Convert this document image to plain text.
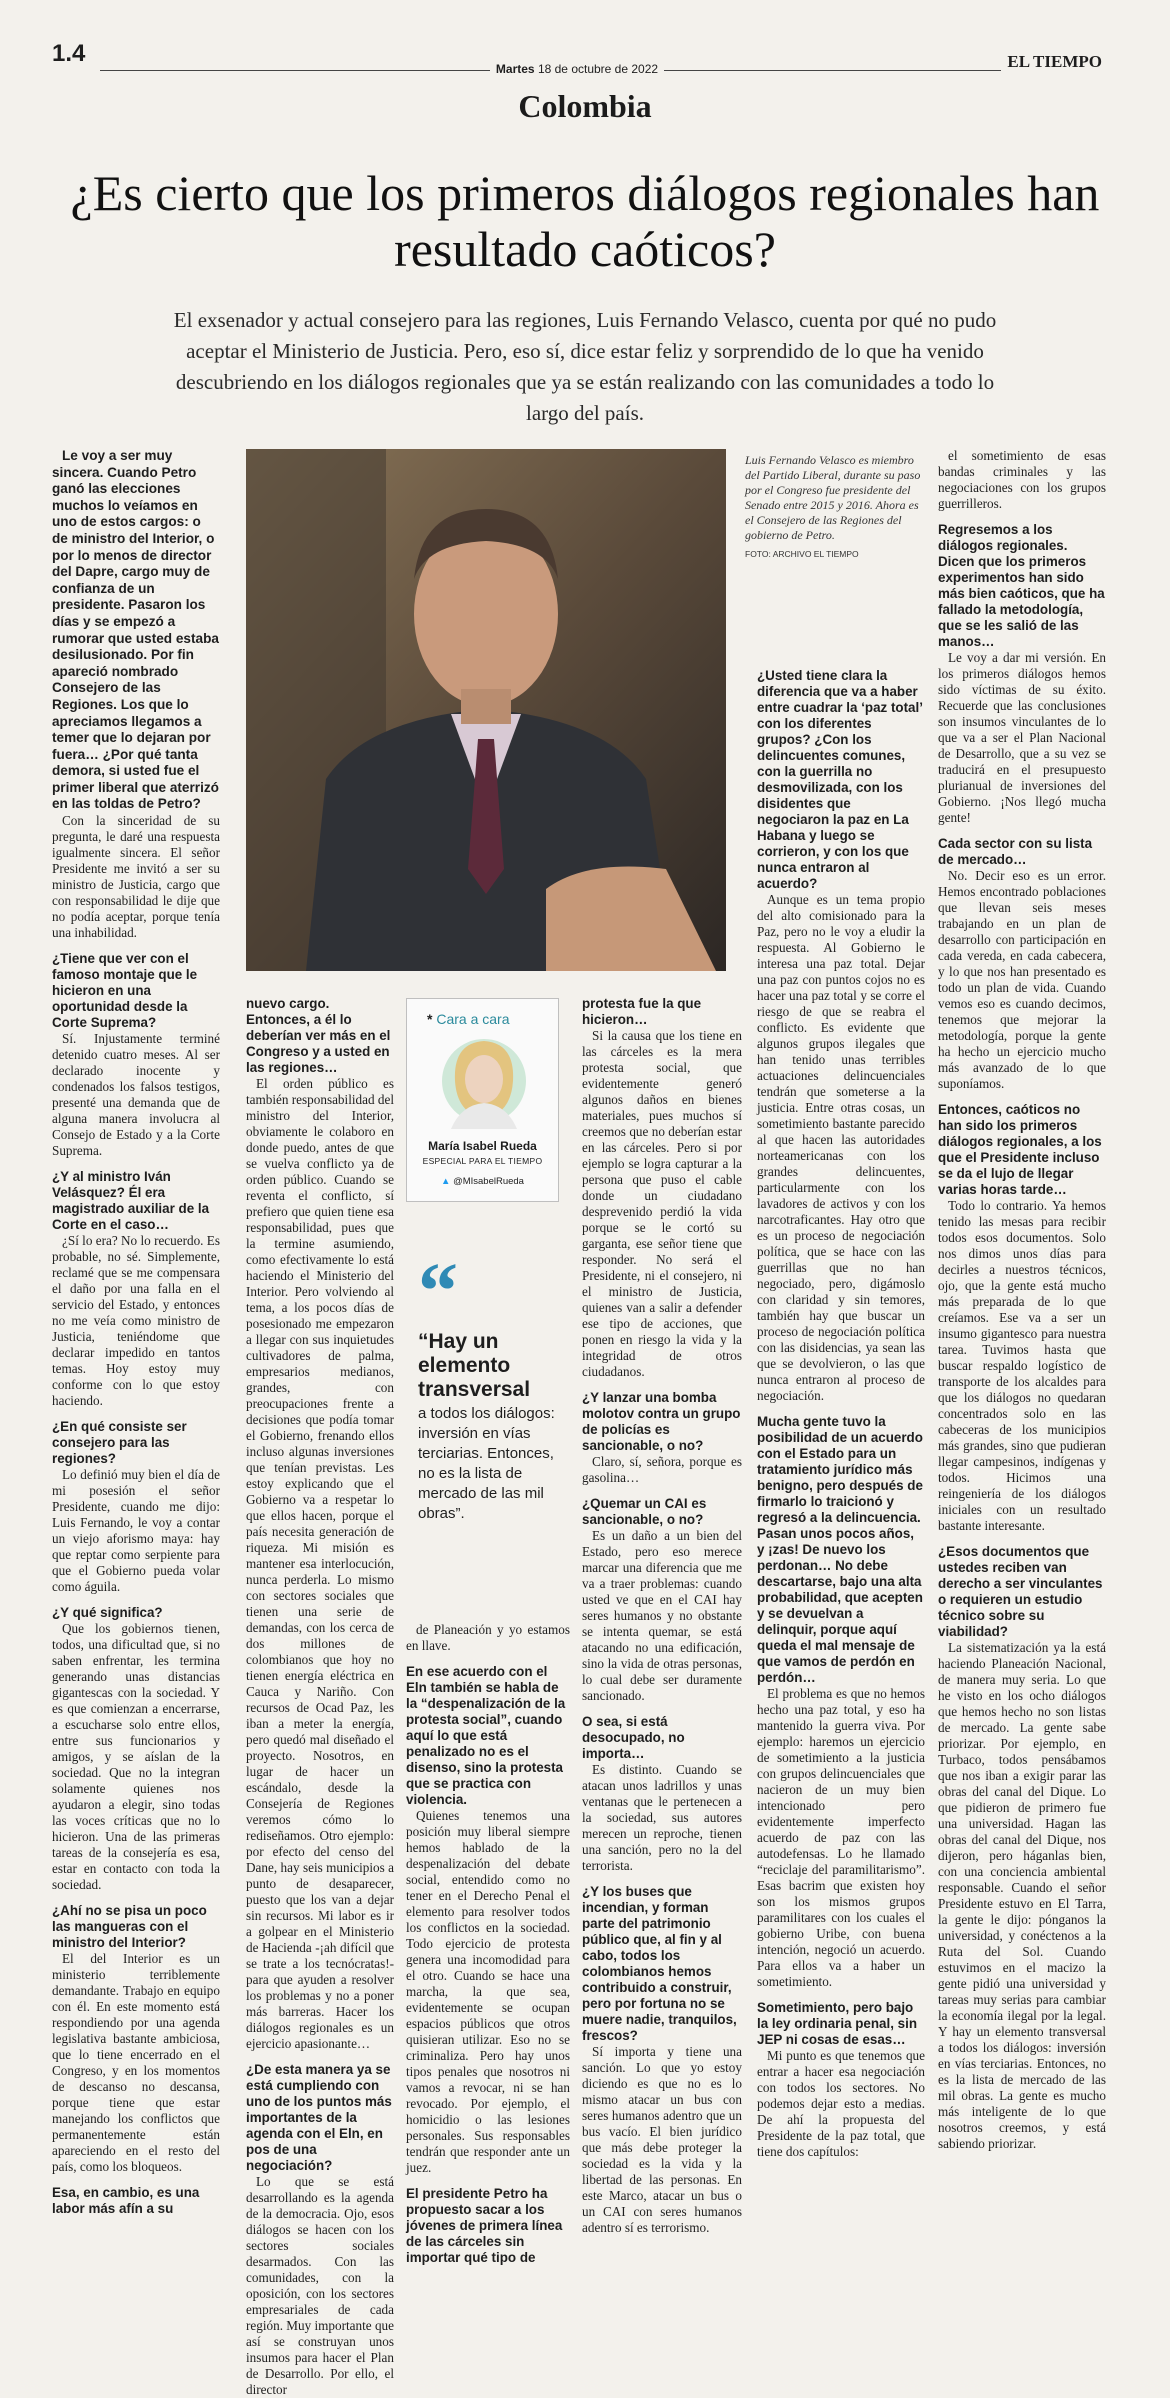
1.4
Martes 18 de octubre de 2022	EL TIEMPO
Colombia
¿Es cierto que los primeros diálogos regionales han resultado caóticos?
El exsenador y actual consejero para las regiones, Luis Fernando Velasco, cuenta por qué no pudo aceptar el Ministerio de Justicia. Pero, eso sí, dice estar feliz y sorprendido de lo que ha venido descubriendo en los diálogos regionales que ya se están realizando con las comunidades a todo lo largo del país.
Luis Fernando Velasco es miembro del Partido Liberal, durante su paso por el Congreso fue presidente del Senado entre 2015 y 2016. Ahora es el Consejero de las Regiones del gobierno de Petro.
FOTO: ARCHIVO EL TIEMPO
* Cara a cara
María Isabel Rueda
ESPECIAL PARA EL TIEMPO
▲ @MIsabelRueda
“
“Hay un elemento transversal
a todos los diálogos: inversión en vías terciarias. Entonces, no es la lista de mercado de las mil obras”.

Le voy a ser muy sincera. Cuando Petro ganó las elecciones muchos lo veíamos en uno de estos cargos: o de ministro del Interior, o por lo menos de director del Dapre, cargo muy de confianza de un presidente. Pasaron los días y se empezó a rumorar que usted estaba desilusionado. Por fin apareció nombrado Consejero de las Regiones. Los que lo apreciamos llegamos a temer que lo dejaran por fuera… ¿Por qué tanta demora, si usted fue el primer liberal que aterrizó en las toldas de Petro?

Con la sinceridad de su pregunta, le daré una respuesta igualmente sincera. El señor Presidente me invitó a ser su ministro de Justicia, cargo que con responsabilidad le dije que no podía aceptar, porque tenía una inhabilidad.

¿Tiene que ver con el famoso montaje que le hicieron en una oportunidad desde la Corte Suprema?

Sí. Injustamente terminé detenido cuatro meses. Al ser declarado inocente y condenados los falsos testigos, presenté una demanda que de alguna manera involucra al Consejo de Estado y a la Corte Suprema.

¿Y al ministro Iván Velásquez? Él era magistrado auxiliar de la Corte en el caso…

¿Sí lo era? No lo recuerdo. Es probable, no sé. Simplemente, reclamé que se me compensara el daño por una falla en el servicio del Estado, y entonces no me veía como ministro de Justicia, teniéndome que declarar impedido en tantos temas. Hoy estoy muy conforme con lo que estoy haciendo.

¿En qué consiste ser consejero para las regiones?

Lo definió muy bien el día de mi posesión el señor Presidente, cuando me dijo: Luis Fernando, le voy a contar un viejo aforismo maya: hay que reptar como serpiente para que el Gobierno pueda volar como águila.

¿Y qué significa?

Que los gobiernos tienen, todos, una dificultad que, si no saben enfrentar, les termina generando unas distancias gigantescas con la sociedad. Y es que comienzan a encerrarse, a escucharse solo entre ellos, entre sus funcionarios y amigos, y se aíslan de la sociedad. Que no la integran solamente quienes nos ayudaron a elegir, sino todas las voces críticas que no lo hicieron. Una de las primeras tareas de la consejería es esa, estar en contacto con toda la sociedad.

¿Ahí no se pisa un poco las mangueras con el ministro del Interior?

El del Interior es un ministerio terriblemente demandante. Trabajo en equipo con él. En este momento está respondiendo por una agenda legislativa bastante ambiciosa, que lo tiene encerrado en el Congreso, y en los momentos de descanso no descansa, porque tiene que estar manejando los conflictos que permanentemente están apareciendo en el resto del país, como los bloqueos.

Esa, en cambio, es una labor más afín a su

nuevo cargo. Entonces, a él lo deberían ver más en el Congreso y a usted en las regiones…

El orden público es también responsabilidad del ministro del Interior, obviamente le colaboro en donde puedo, antes de que se vuelva conflicto ya de orden público. Cuando se reventa el conflicto, sí prefiero que quien tiene esa responsabilidad, pues que la termine asumiendo, como efectivamente lo está haciendo el Ministerio del Interior. Pero volviendo al tema, a los pocos días de posesionado me empezaron a llegar con sus inquietudes cultivadores de palma, empresarios medianos, grandes, con preocupaciones frente a decisiones que podía tomar el Gobierno, frenando ellos incluso algunas inversiones que tenían previstas. Les estoy explicando que el Gobierno va a respetar lo que ellos hacen, porque el país necesita generación de riqueza. Mi misión es mantener esa interlocución, nunca perderla. Lo mismo con sectores sociales que tienen una serie de demandas, con los cerca de dos millones de colombianos que hoy no tienen energía eléctrica en Cauca y Nariño. Con recursos de Ocad Paz, les iban a meter la energía, pero quedó mal diseñado el proyecto. Nosotros, en lugar de hacer un escándalo, desde la Consejería de Regiones veremos cómo lo rediseñamos. Otro ejemplo: por efecto del censo del Dane, hay seis municipios a punto de desaparecer, puesto que los van a dejar sin recursos. Mi labor es ir a golpear en el Ministerio de Hacienda -¡ah difícil que se trate a los tecnócratas!- para que ayuden a resolver los problemas y no a poner más barreras. Hacer los diálogos regionales es un ejercicio apasionante…

¿De esta manera ya se está cumpliendo con uno de los puntos más importantes de la agenda con el Eln, en pos de una negociación?

Lo que se está desarrollando es la agenda de la democracia. Ojo, esos diálogos se hacen con los sectores sociales desarmados. Con las comunidades, con la oposición, con los sectores empresariales de cada región. Muy importante que así se construyan unos insumos para hacer el Plan de Desarrollo. Por ello, el director

de Planeación y yo estamos en llave.

En ese acuerdo con el Eln también se habla de la “despenalización de la protesta social”, cuando aquí lo que está penalizado no es el disenso, sino la protesta que se practica con violencia.

Quienes tenemos una posición muy liberal siempre hemos hablado de la despenalización del debate social, entendido como no tener en el Derecho Penal el elemento para resolver todos los conflictos en la sociedad. Todo ejercicio de protesta genera una incomodidad para el otro. Cuando se hace una marcha, la que sea, evidentemente se ocupan espacios públicos que otros quisieran utilizar. Eso no se criminaliza. Pero hay unos tipos penales que nosotros ni vamos a revocar, ni se han revocado. Por ejemplo, el homicidio o las lesiones personales. Sus responsables tendrán que responder ante un juez.

El presidente Petro ha propuesto sacar a los jóvenes de primera línea de las cárceles sin importar qué tipo de

protesta fue la que hicieron…

Si la causa que los tiene en las cárceles es la mera protesta social, que evidentemente generó algunos daños en bienes materiales, pues muchos sí creemos que no deberían estar en las cárceles. Pero si por ejemplo se logra capturar a la persona que puso el cable donde un ciudadano desprevenido perdió la vida porque se le cortó su garganta, ese señor tiene que responder. No será el Presidente, ni el consejero, ni el ministro de Justicia, quienes van a salir a defender ese tipo de acciones, que ponen en riesgo la vida y la integridad de otros ciudadanos.

¿Y lanzar una bomba molotov contra un grupo de policías es sancionable, o no?

Claro, sí, señora, porque es gasolina…

¿Quemar un CAI es sancionable, o no?

Es un daño a un bien del Estado, pero eso merece marcar una diferencia que me va a traer problemas: cuando usted ve que en el CAI hay seres humanos y no obstante se intenta quemar, se está atacando no una edificación, sino la vida de otras personas, lo cual debe ser duramente sancionado.

O sea, si está desocupado, no importa…

Es distinto. Cuando se atacan unos ladrillos y unas ventanas que le pertenecen a la sociedad, sus autores merecen un reproche, tienen una sanción, pero no la del terrorista.

¿Y los buses que incendian, y forman parte del patrimonio público que, al fin y al cabo, todos los colombianos hemos contribuido a construir, pero por fortuna no se muere nadie, tranquilos, frescos?

Sí importa y tiene una sanción. Lo que yo estoy diciendo es que no es lo mismo atacar un bus con seres humanos adentro que un bus vacío. El bien jurídico que más debe proteger la sociedad es la vida y la libertad de las personas. En este Marco, atacar un bus o un CAI con seres humanos adentro sí es terrorismo.

¿Usted tiene clara la diferencia que va a haber entre cuadrar la ‘paz total’ con los diferentes grupos? ¿Con los delincuentes comunes, con la guerrilla no desmovilizada, con los disidentes que negociaron la paz en La Habana y luego se corrieron, y con los que nunca entraron al acuerdo?

Aunque es un tema propio del alto comisionado para la Paz, pero no le voy a eludir la respuesta. Al Gobierno le interesa una paz total. Dejar una paz con puntos cojos no es hacer una paz total y se corre el riesgo de que se reabra el conflicto. Es evidente que algunos grupos ilegales que han tenido unas terribles actuaciones delincuenciales tendrán que someterse a la justicia. Entre otras cosas, un sometimiento bastante parecido al que hacen las autoridades norteamericanas con los grandes delincuentes, particularmente con los lavadores de activos y con los narcotraficantes. Hay otro que es un proceso de negociación política, que se hace con las guerrillas que no han negociado, pero, digámoslo con claridad y sin temores, también hay que buscar un proceso de negociación política con las disidencias, ya sean las que se devolvieron, o las que nunca entraron al proceso de negociación.

Mucha gente tuvo la posibilidad de un acuerdo con el Estado para un tratamiento jurídico más benigno, pero después de firmarlo lo traicionó y regresó a la delincuencia. Pasan unos pocos años, y ¡zas! De nuevo los perdonan… No debe descartarse, bajo una alta probabilidad, que acepten y se devuelvan a delinquir, porque aquí queda el mal mensaje de que vamos de perdón en perdón…

El problema es que no hemos hecho una paz total, y eso ha mantenido la guerra viva. Por ejemplo: haremos un ejercicio de sometimiento a la justicia con grupos delincuenciales que nacieron de un muy bien intencionado pero evidentemente imperfecto acuerdo de paz con las autodefensas. Lo he llamado “reciclaje del paramilitarismo”. Esas bacrim que existen hoy son los mismos grupos paramilitares con los cuales el gobierno Uribe, con buena intención, negoció un acuerdo. Para ellos va a haber un sometimiento.

Sometimiento, pero bajo la ley ordinaria penal, sin JEP ni cosas de esas…

Mi punto es que tenemos que entrar a hacer esa negociación con todos los sectores. No podemos dejar esto a medias. De ahí la propuesta del Presidente de la paz total, que tiene dos capítulos:

el sometimiento de esas bandas criminales y las negociaciones con los grupos guerrilleros.

Regresemos a los diálogos regionales. Dicen que los primeros experimentos han sido más bien caóticos, que ha fallado la metodología, que se les salió de las manos…

Le voy a dar mi versión. En los primeros diálogos hemos sido víctimas de su éxito. Recuerde que las conclusiones son insumos vinculantes de lo que va a ser el Plan Nacional de Desarrollo, que a su vez se traducirá en el presupuesto plurianual de inversiones del Gobierno. ¡Nos llegó mucha gente!

Cada sector con su lista de mercado…

No. Decir eso es un error. Hemos encontrado poblaciones que llevan seis meses trabajando en un plan de desarrollo con participación en cada vereda, en cada cabecera, y lo que nos han presentado es todo un plan de vida. Cuando vemos eso es cuando decimos, tenemos que mejorar la metodología, porque la gente ha hecho un ejercicio mucho más avanzado de lo que suponíamos.

Entonces, caóticos no han sido los primeros diálogos regionales, a los que el Presidente incluso se da el lujo de llegar varias horas tarde…

Todo lo contrario. Ya hemos tenido las mesas para recibir todos esos documentos. Solo nos dimos unos días para decirles a nuestros técnicos, ojo, que la gente está mucho más preparada de lo que creíamos. Ese va a ser un insumo gigantesco para nuestra tarea. Tuvimos hasta que buscar respaldo logístico de transporte de los alcaldes para que los diálogos no quedaran concentrados solo en las cabeceras de los municipios más grandes, sino que pudieran llegar campesinos, indígenas y todos. Hicimos una reingeniería de los diálogos iniciales con un resultado bastante interesante.

¿Esos documentos que ustedes reciben van derecho a ser vinculantes o requieren un estudio técnico sobre su viabilidad?

La sistematización ya la está haciendo Planeación Nacional, de manera muy seria. Lo que he visto en los ocho diálogos que hemos hecho no son listas de mercado. La gente sabe priorizar. Por ejemplo, en Turbaco, todos pensábamos que nos iban a exigir parar las obras del canal del Dique. Lo que pidieron de primero fue una universidad. Hagan las obras del canal del Dique, nos dijeron, pero háganlas bien, con una conciencia ambiental responsable. Cuando el señor Presidente estuvo en El Tarra, la gente le dijo: pónganos la universidad, y conéctenos a la Ruta del Sol. Cuando estuvimos en el macizo la gente pidió una universidad y tareas muy serias para cambiar la economía ilegal por la legal. Y hay un elemento transversal a todos los diálogos: inversión en vías terciarias. Entonces, no es la lista de mercado de las mil obras. La gente es mucho más inteligente de lo que nosotros creemos, y está sabiendo priorizar.
